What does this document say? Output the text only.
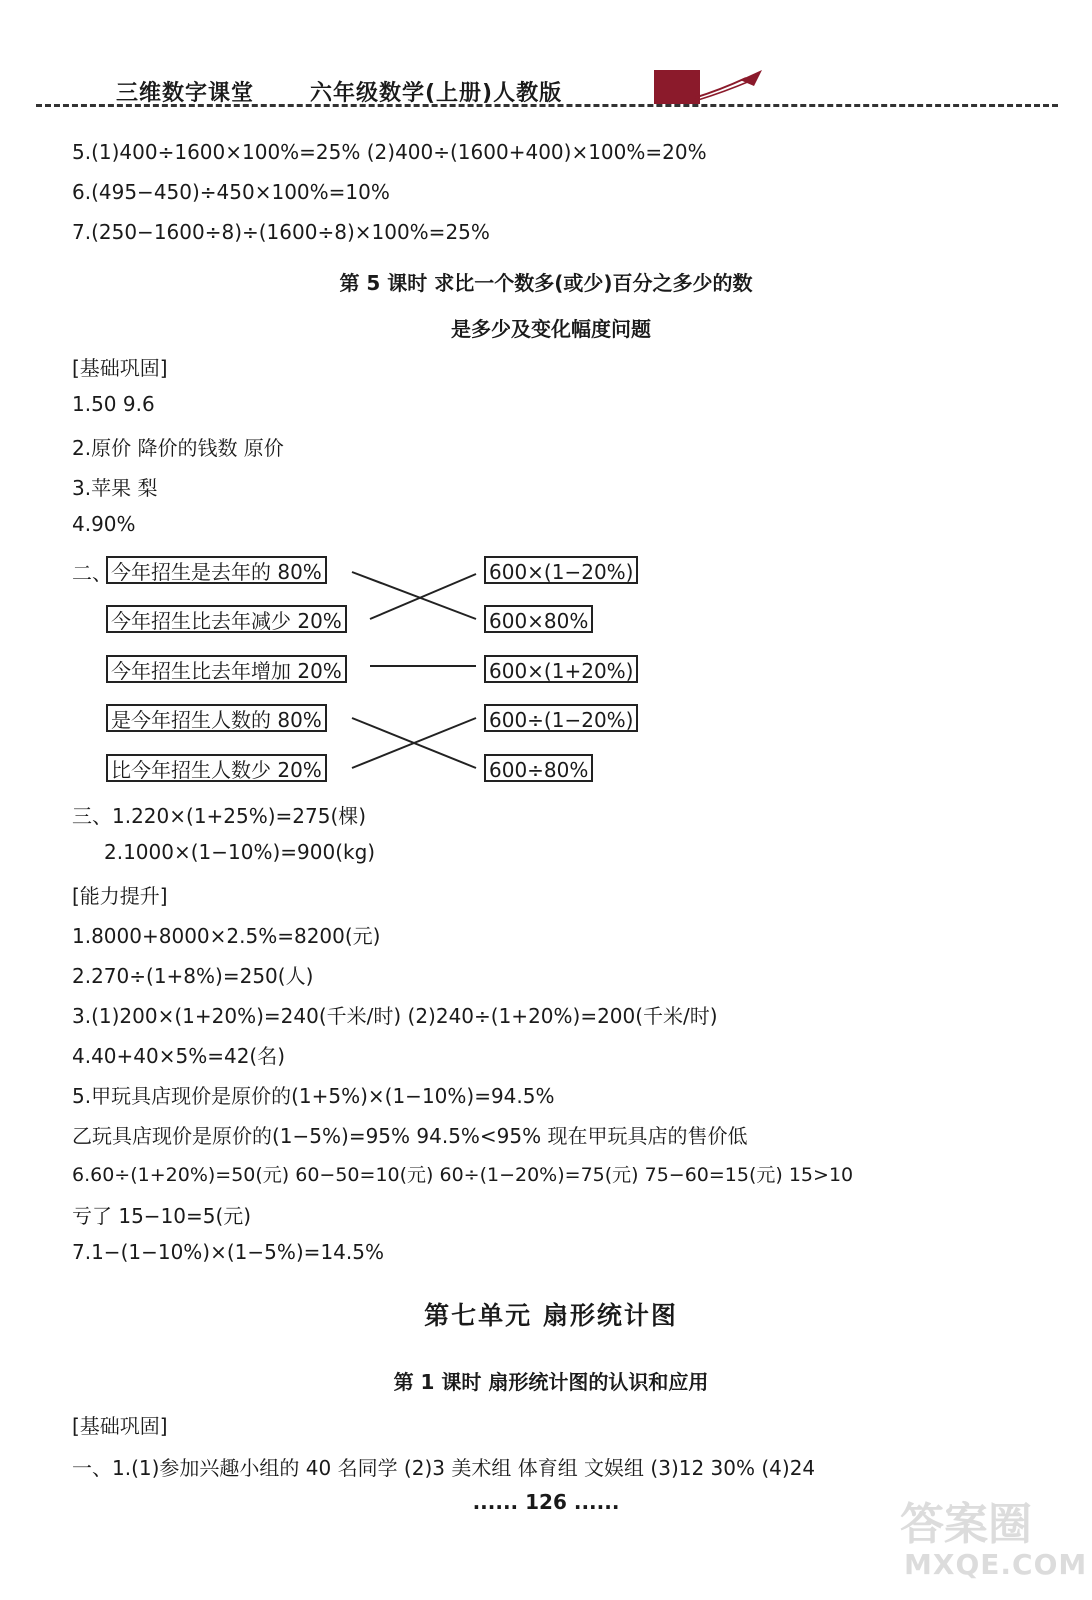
三维数字课堂	六年级数学(上册)人教版
5.(1)400÷1600×100%=25% (2)400÷(1600+400)×100%=20%
6.(495−450)÷450×100%=10%
7.(250−1600÷8)÷(1600÷8)×100%=25%
第 5 课时 求比一个数多(或少)百分之多少的数
是多少及变化幅度问题
[基础巩固]
1.50 9.6
2.原价 降价的钱数 原价
3.苹果 梨
4.90%
二、 今年招生是去年的 80%
今年招生比去年减少 20%
今年招生比去年增加 20%
是今年招生人数的 80%
比今年招生人数少 20%
600×(1−20%)
600×80%
600×(1+20%)
600÷(1−20%)
600÷80%
三、1.220×(1+25%)=275(棵)
2.1000×(1−10%)=900(kg)
[能力提升]
1.8000+8000×2.5%=8200(元)
2.270÷(1+8%)=250(人)
3.(1)200×(1+20%)=240(千米/时) (2)240÷(1+20%)=200(千米/时)
4.40+40×5%=42(名)
5.甲玩具店现价是原价的(1+5%)×(1−10%)=94.5%
乙玩具店现价是原价的(1−5%)=95% 94.5%<95% 现在甲玩具店的售价低
6.60÷(1+20%)=50(元) 60−50=10(元) 60÷(1−20%)=75(元) 75−60=15(元) 15>10
亏了 15−10=5(元)
7.1−(1−10%)×(1−5%)=14.5%
第七单元 扇形统计图
第 1 课时 扇形统计图的认识和应用
[基础巩固]
一、1.(1)参加兴趣小组的 40 名同学 (2)3 美术组 体育组 文娱组 (3)12 30% (4)24
...... 126 ......	答案圈
MXQE.COM
